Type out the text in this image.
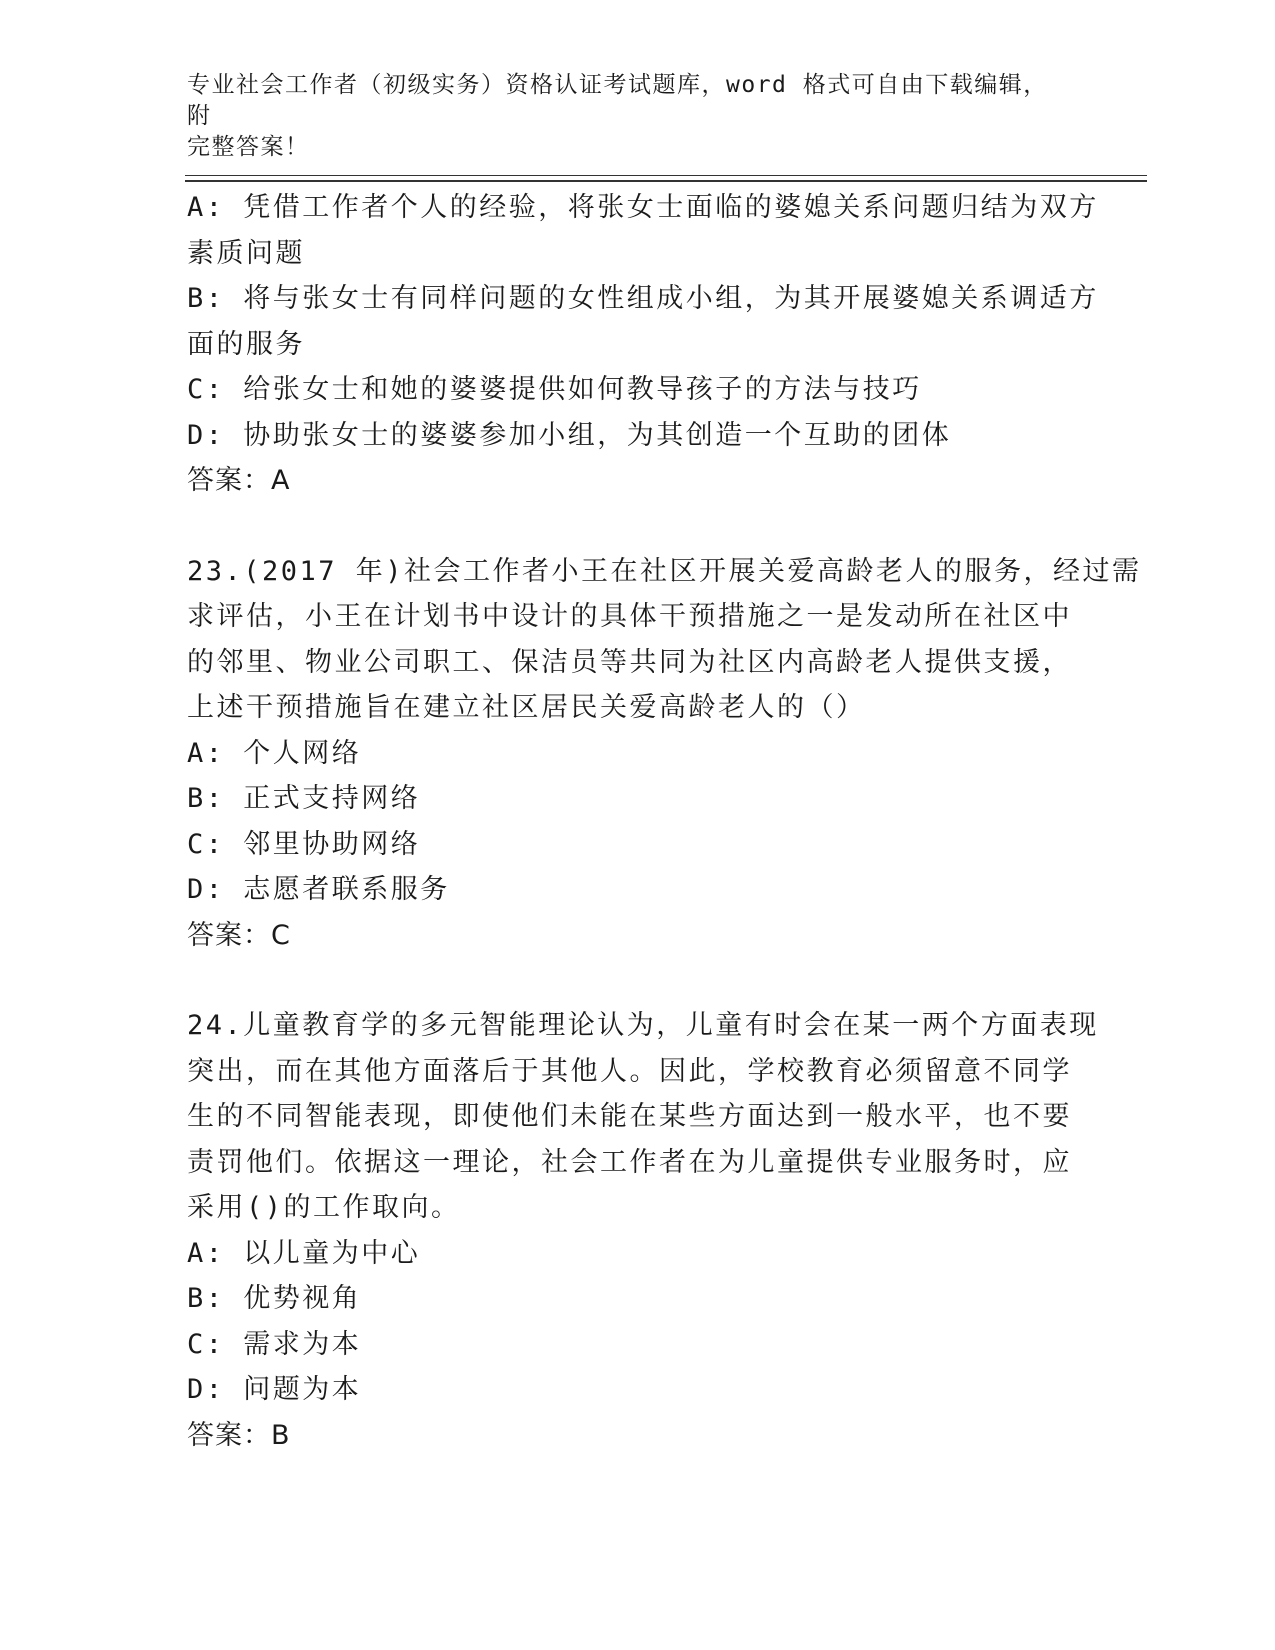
专业社会工作者（初级实务）资格认证考试题库，word 格式可自由下载编辑，附
完整答案！
A: 凭借工作者个人的经验，将张女士面临的婆媳关系问题归结为双方
素质问题
B: 将与张女士有同样问题的女性组成小组，为其开展婆媳关系调适方
面的服务
C: 给张女士和她的婆婆提供如何教导孩子的方法与技巧
D: 协助张女士的婆婆参加小组，为其创造一个互助的团体
答案：A
23.(2017 年)社会工作者小王在社区开展关爱高龄老人的服务，经过需
求评估，小王在计划书中设计的具体干预措施之一是发动所在社区中
的邻里、物业公司职工、保洁员等共同为社区内高龄老人提供支援，
上述干预措施旨在建立社区居民关爱高龄老人的（）
A: 个人网络
B: 正式支持网络
C: 邻里协助网络
D: 志愿者联系服务
答案：C
24.儿童教育学的多元智能理论认为，儿童有时会在某一两个方面表现
突出，而在其他方面落后于其他人。因此，学校教育必须留意不同学
生的不同智能表现，即使他们未能在某些方面达到一般水平，也不要
责罚他们。依据这一理论，社会工作者在为儿童提供专业服务时，应
采用()的工作取向。
A: 以儿童为中心
B: 优势视角
C: 需求为本
D: 问题为本
答案：B
